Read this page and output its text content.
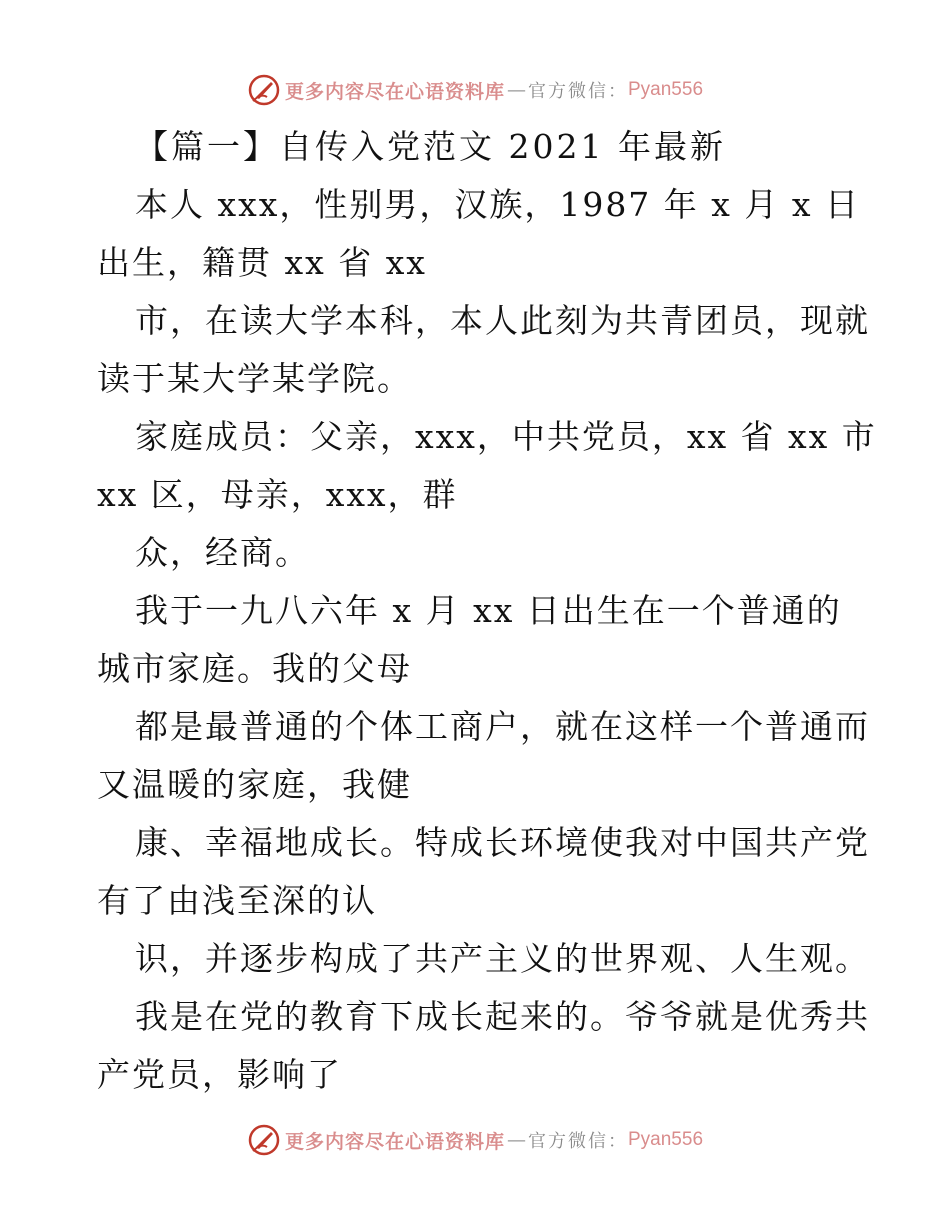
更多内容尽在心语资料库 — 官方微信： Pyan556
【篇一】自传入党范文 2021 年最新
本人 xxx，性别男，汉族，1987 年 x 月 x 日
出生，籍贯 xx 省 xx
市，在读大学本科，本人此刻为共青团员，现就
读于某大学某学院。
家庭成员：父亲，xxx，中共党员，xx 省 xx 市
xx 区，母亲，xxx，群
众，经商。
我于一九八六年 x 月 xx 日出生在一个普通的
城市家庭。我的父母
都是最普通的个体工商户，就在这样一个普通而
又温暖的家庭，我健
康、幸福地成长。特成长环境使我对中国共产党
有了由浅至深的认
识，并逐步构成了共产主义的世界观、人生观。
我是在党的教育下成长起来的。爷爷就是优秀共
产党员，影响了
更多内容尽在心语资料库 — 官方微信： Pyan556
